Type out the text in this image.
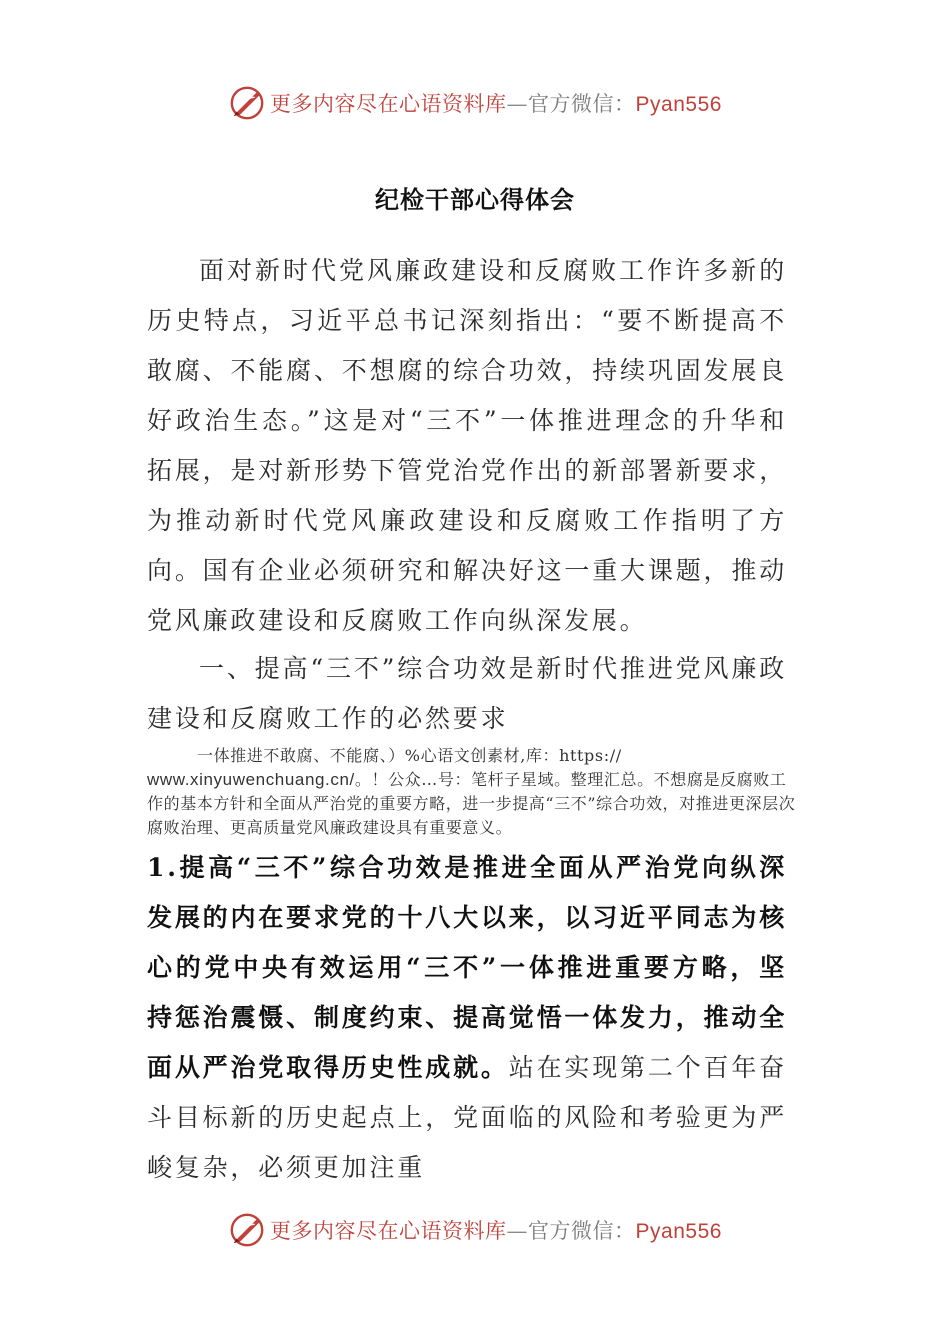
更多内容尽在心语资料库—官方微信：Pyan556
纪检干部心得体会

面对新时代党风廉政建设和反腐败工作许多新的历史特点，习近平总书记深刻指出：“要不断提高不敢腐、不能腐、不想腐的综合功效，持续巩固发展良好政治生态。”这是对“三不”一体推进理念的升华和拓展，是对新形势下管党治党作出的新部署新要求，为推动新时代党风廉政建设和反腐败工作指明了方向。国有企业必须研究和解决好这一重大课题，推动党风廉政建设和反腐败工作向纵深发展。

一、提高“三不”综合功效是新时代推进党风廉政建设和反腐败工作的必然要求

一体推进不敢腐、不能腐、）%心语文创素材,库：https://
www.xinyuwenchuang.cn/。！公众…号：笔杆子星域。整理汇总。不想腐是反腐败工作的基本方针和全面从严治党的重要方略，进一步提高“三不”综合功效，对推进更深层次腐败治理、更高质量党风廉政建设具有重要意义。

1.提高“三不”综合功效是推进全面从严治党向纵深发展的内在要求党的十八大以来，以习近平同志为核心的党中央有效运用“三不”一体推进重要方略，坚持惩治震慑、制度约束、提高觉悟一体发力，推动全面从严治党取得历史性成就。站在实现第二个百年奋斗目标新的历史起点上，党面临的风险和考验更为严峻复杂，必须更加注重

更多内容尽在心语资料库—官方微信：Pyan556
